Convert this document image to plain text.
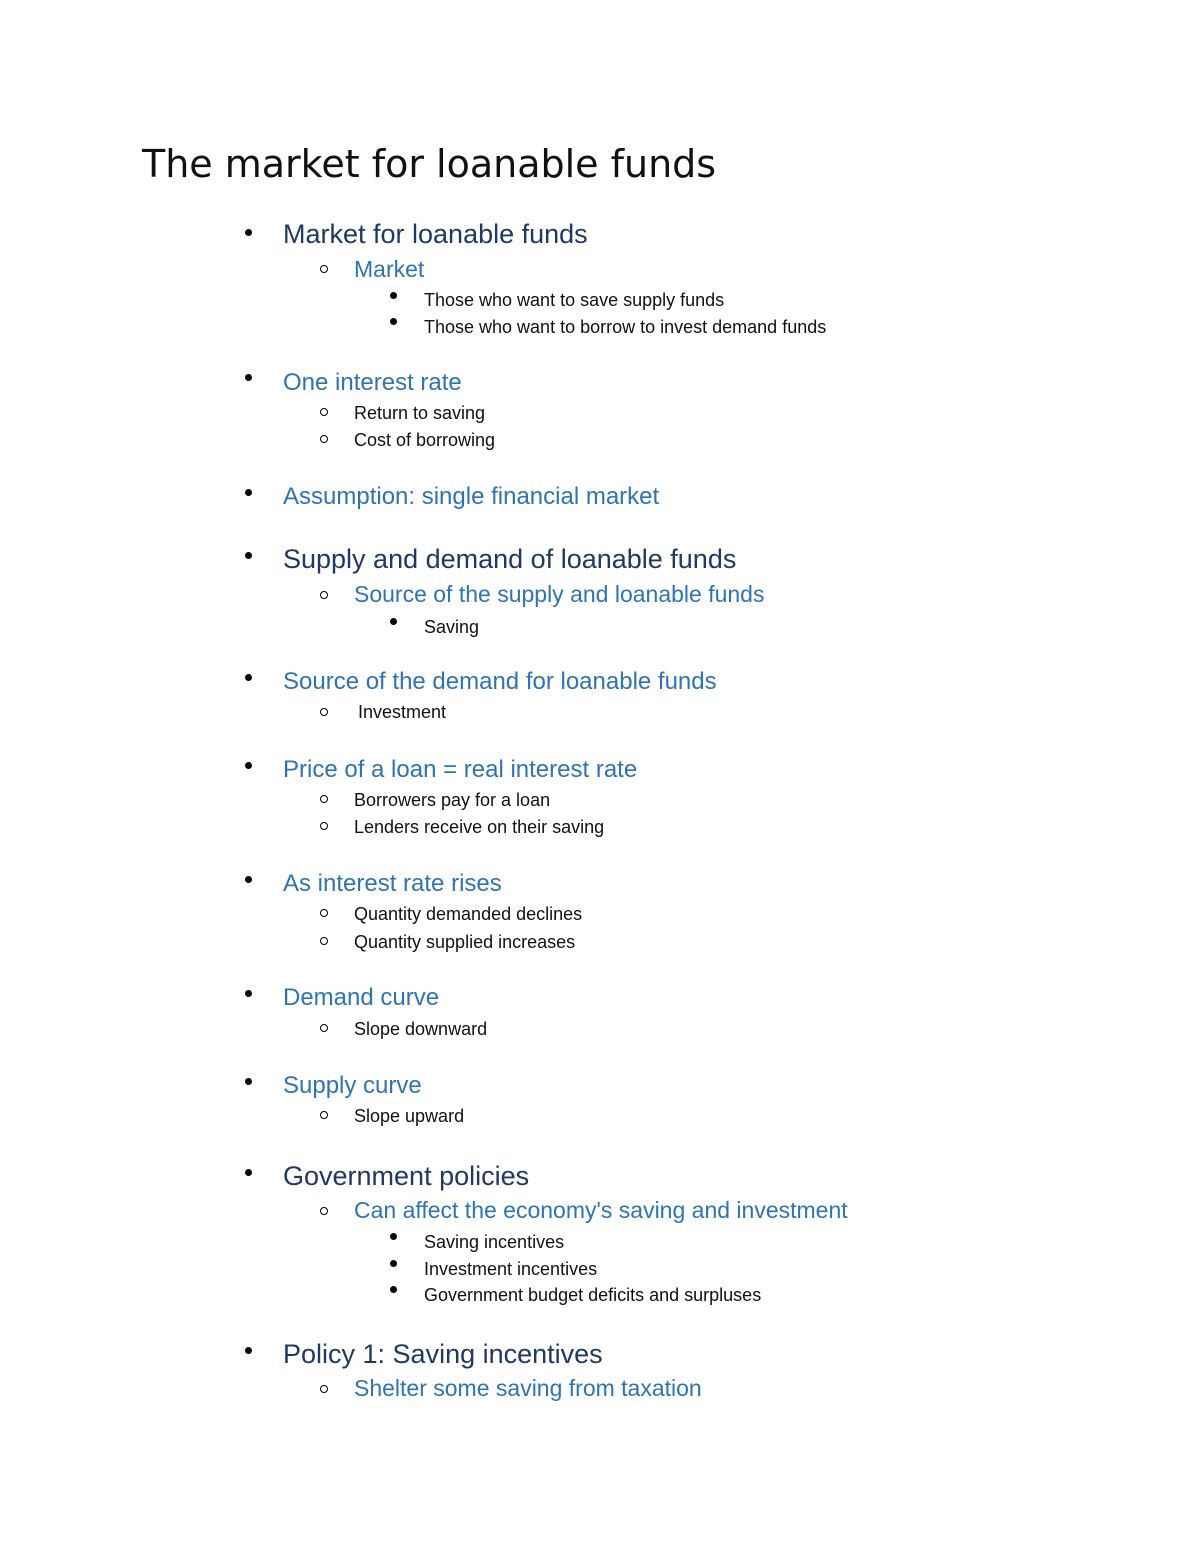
The market for loanable funds
Market for loanable funds
Market
Those who want to save supply funds
Those who want to borrow to invest demand funds
One interest rate
Return to saving
Cost of borrowing
Assumption: single financial market
Supply and demand of loanable funds
Source of the supply and loanable funds
Saving
Source of the demand for loanable funds
Investment
Price of a loan = real interest rate
Borrowers pay for a loan
Lenders receive on their saving
As interest rate rises
Quantity demanded declines
Quantity supplied increases
Demand curve
Slope downward
Supply curve
Slope upward
Government policies
Can affect the economy's saving and investment
Saving incentives
Investment incentives
Government budget deficits and surpluses
Policy 1: Saving incentives
Shelter some saving from taxation
